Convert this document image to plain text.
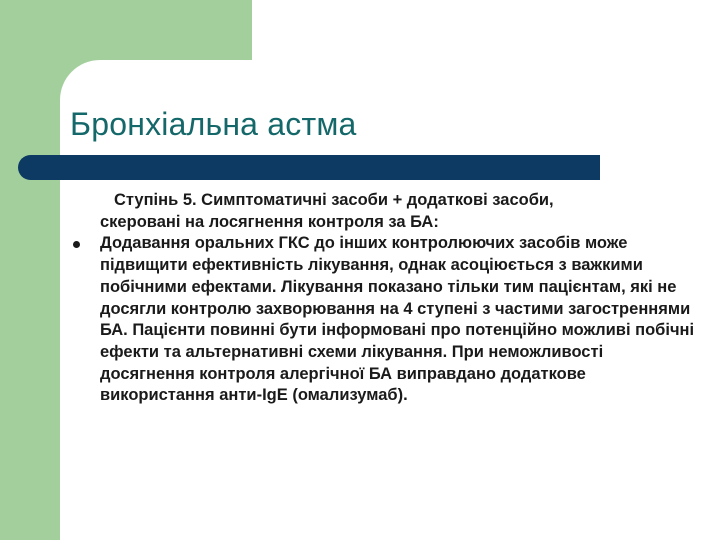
Бронхіальна астма

Ступінь 5. Симптоматичні засоби + додаткові засоби,

скеровані на лосягнення контроля за БА:

Додавання оральних ГКС до інших контролюючих засобів може підвищити ефективність лікування, однак асоціюється з важкими побічними ефектами. Лікування показано тільки тим пацієнтам, які не досягли контролю захворювання на 4 ступені з частими загостреннями БА. Пацієнти повинні бути інформовані про потенційно можливі побічні ефекти та альтернативні схеми лікування. При неможливості досягнення контроля алергічної БА виправдано додаткове використання анти-IgE (омализумаб).
